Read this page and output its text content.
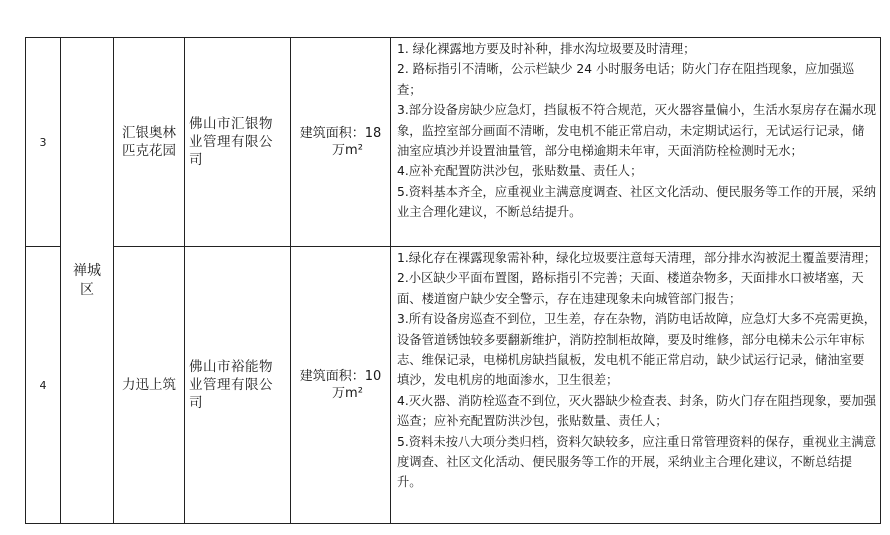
3	禅城区	汇银奥林匹克花园	佛山市汇银物业管理有限公司	建筑面积：18
万m²	1. 绿化裸露地方要及时补种，排水沟垃圾要及时清理；
2. 路标指引不清晰，公示栏缺少 24 小时服务电话；防火门存在阻挡现象，应加强巡查；
3.部分设备房缺少应急灯，挡鼠板不符合规范，灭火器容量偏小，生活水泵房存在漏水现象，监控室部分画面不清晰，发电机不能正常启动，未定期试运行，无试运行记录，储油室应填沙并设置油量管，部分电梯逾期未年审，天面消防栓检测时无水；
4.应补充配置防洪沙包，张贴数量、责任人；
5.资料基本齐全，应重视业主满意度调查、社区文化活动、便民服务等工作的开展，采纳业主合理化建议，不断总结提升。

4		力迅上筑	佛山市裕能物业管理有限公司	建筑面积：10
万m²	1.绿化存在裸露现象需补种，绿化垃圾要注意每天清理，部分排水沟被泥土覆盖要清理；
2.小区缺少平面布置图，路标指引不完善；天面、楼道杂物多，天面排水口被堵塞，天面、楼道窗户缺少安全警示，存在违建现象未向城管部门报告；
3.所有设备房巡查不到位，卫生差，存在杂物，消防电话故障，应急灯大多不亮需更换，设备管道锈蚀较多要翻新维护，消防控制柜故障，要及时维修，部分电梯未公示年审标志、维保记录，电梯机房缺挡鼠板，发电机不能正常启动，缺少试运行记录，储油室要填沙，发电机房的地面渗水，卫生很差；
4.灭火器、消防栓巡查不到位，灭火器缺少检查表、封条，防火门存在阻挡现象，要加强巡查；应补充配置防洪沙包，张贴数量、责任人；
5.资料未按八大项分类归档，资料欠缺较多，应注重日常管理资料的保存，重视业主满意度调查、社区文化活动、便民服务等工作的开展，采纳业主合理化建议，不断总结提升。
